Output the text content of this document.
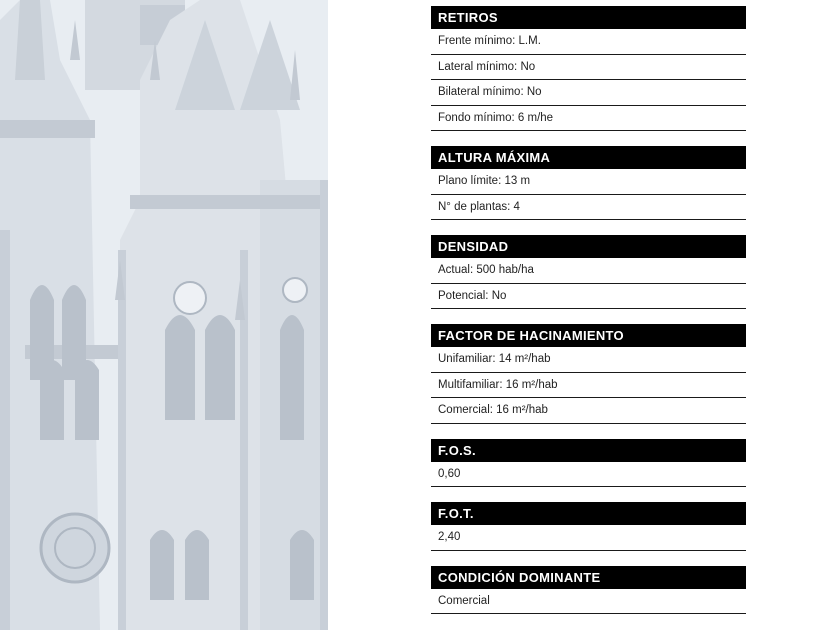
RETIROS
Frente mínimo: L.M.
Lateral mínimo: No
Bilateral mínimo: No
Fondo mínimo: 6 m/he
ALTURA MÁXIMA
Plano límite: 13 m
N° de plantas: 4
DENSIDAD
Actual: 500 hab/ha
Potencial: No
FACTOR DE HACINAMIENTO
Unifamiliar: 14 m²/hab
Multifamiliar: 16 m²/hab
Comercial: 16 m²/hab
F.O.S.
0,60
F.O.T.
2,40
CONDICIÓN DOMINANTE
Comercial
